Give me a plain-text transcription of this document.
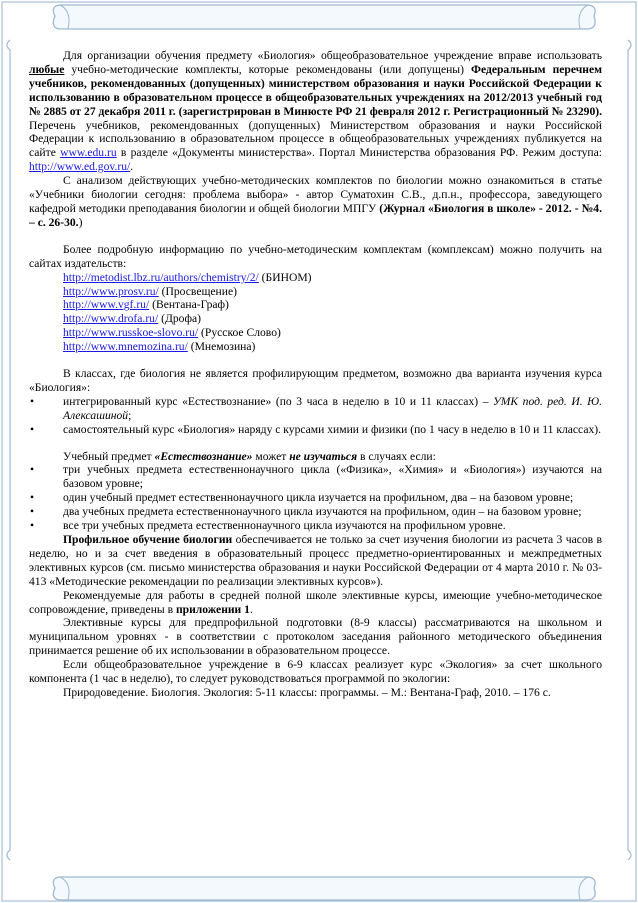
Для организации обучения предмету «Биология» общеобразовательное учреждение вправе использовать любые учебно-методические комплекты, которые рекомендованы (или допущены) Федеральным перечнем учебников, рекомендованных (допущенных) министерством образования и науки Российской Федерации к использованию в образовательном процессе в общеобразовательных учреждениях на 2012/2013 учебный год № 2885 от 27 декабря 2011 г. (зарегистрирован в Минюсте РФ 21 февраля 2012 г. Регистрационный № 23290). Перечень учебников, рекомендованных (допущенных) Министерством образования и науки Российской Федерации к использованию в образовательном процессе в общеобразовательных учреждениях публикуется на сайте www.edu.ru в разделе «Документы министерства». Портал Министерства образования РФ. Режим доступа: http://www.ed.gov.ru/.

С анализом действующих учебно-методических комплектов по биологии можно ознакомиться в статье «Учебники биологии сегодня: проблема выбора» - автор Суматохин С.В., д.п.н., профессора, заведующего кафедрой методики преподавания биологии и общей биологии МПГУ (Журнал «Биология в школе» - 2012. - №4. – с. 26-30.)

Более подробную информацию по учебно-методическим комплектам (комплексам) можно получить на сайтах издательств:

http://metodist.lbz.ru/authors/chemistry/2/ (БИНОМ)

http://www.prosv.ru/ (Просвещение)

http://www.vgf.ru/ (Вентана-Граф)

http://www.drofa.ru/ (Дрофа)

http://www.russkoe-slovo.ru/ (Русское Слово)

http://www.mnemozina.ru/ (Мнемозина)

В классах, где биология не является профилирующим предметом, возможно два варианта изучения курса «Биология»:

• интегрированный курс «Естествознание» (по 3 часа в неделю в 10 и 11 классах) – УМК под. ред. И. Ю. Алексашиной;

• самостоятельный курс «Биология» наряду с курсами химии и физики (по 1 часу в неделю в 10 и 11 классах).

Учебный предмет «Естествознание» может не изучаться в случаях если:

• три учебных предмета естественнонаучного цикла («Физика», «Химия» и «Биология») изучаются на базовом уровне;

• один учебный предмет естественнонаучного цикла изучается на профильном, два – на базовом уровне;

• два учебных предмета естественнонаучного цикла изучаются на профильном, один – на базовом уровне;

• все три учебных предмета естественнонаучного цикла изучаются на профильном уровне.

Профильное обучение биологии обеспечивается не только за счет изучения биологии из расчета 3 часов в неделю, но и за счет введения в образовательный процесс предметно-ориентированных и межпредметных элективных курсов (см. письмо министерства образования и науки Российской Федерации от 4 марта 2010 г. № 03-413 «Методические рекомендации по реализации элективных курсов»).

Рекомендуемые для работы в средней полной школе элективные курсы, имеющие учебно-методическое сопровождение, приведены в приложении 1.

Элективные курсы для предпрофильной подготовки (8-9 классы) рассматриваются на школьном и муниципальном уровнях - в соответствии с протоколом заседания районного методического объединения принимается решение об их использовании в образовательном процессе.

Если общеобразовательное учреждение в 6-9 классах реализует курс «Экология» за счет школьного компонента (1 час в неделю), то следует руководствоваться программой по экологии:

Природоведение. Биология. Экология: 5-11 классы: программы. – М.: Вентана-Граф, 2010. – 176 с.
